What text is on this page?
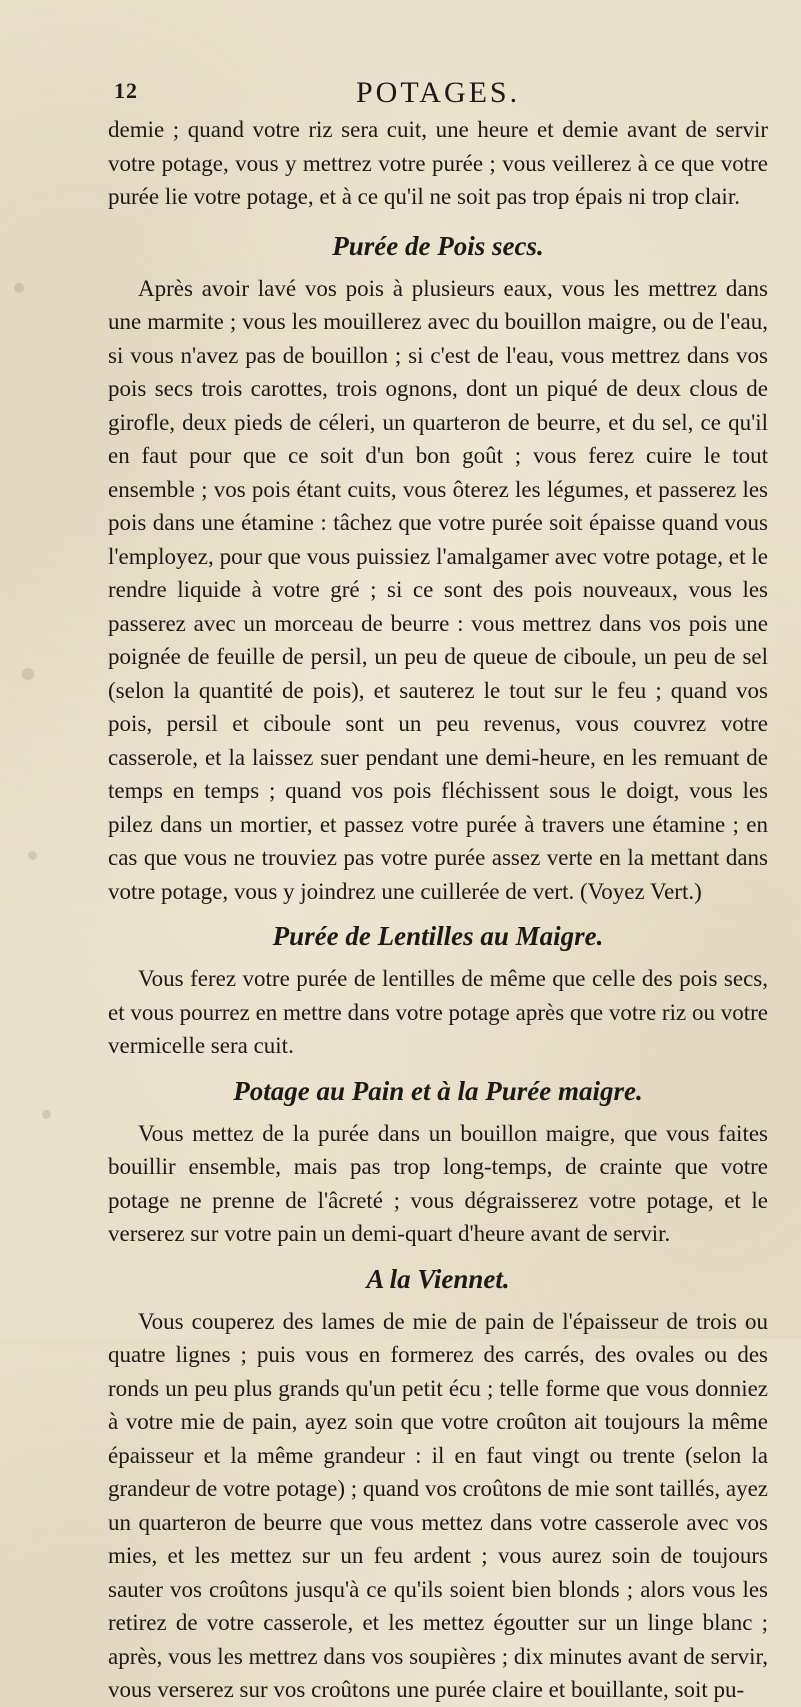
12	POTAGES.

demie ; quand votre riz sera cuit, une heure et demie avant de servir votre potage, vous y mettrez votre purée ; vous veillerez à ce que votre purée lie votre potage, et à ce qu'il ne soit pas trop épais ni trop clair.

Purée de Pois secs.

Après avoir lavé vos pois à plusieurs eaux, vous les mettrez dans une marmite ; vous les mouillerez avec du bouillon maigre, ou de l'eau, si vous n'avez pas de bouillon ; si c'est de l'eau, vous mettrez dans vos pois secs trois carottes, trois ognons, dont un piqué de deux clous de girofle, deux pieds de céleri, un quarteron de beurre, et du sel, ce qu'il en faut pour que ce soit d'un bon goût ; vous ferez cuire le tout ensemble ; vos pois étant cuits, vous ôterez les légumes, et passerez les pois dans une étamine : tâchez que votre purée soit épaisse quand vous l'employez, pour que vous puissiez l'amalgamer avec votre potage, et le rendre liquide à votre gré ; si ce sont des pois nouveaux, vous les passerez avec un morceau de beurre : vous mettrez dans vos pois une poignée de feuille de persil, un peu de queue de ciboule, un peu de sel (selon la quantité de pois), et sauterez le tout sur le feu ; quand vos pois, persil et ciboule sont un peu revenus, vous couvrez votre casserole, et la laissez suer pendant une demi-heure, en les remuant de temps en temps ; quand vos pois fléchissent sous le doigt, vous les pilez dans un mortier, et passez votre purée à travers une étamine ; en cas que vous ne trouviez pas votre purée assez verte en la mettant dans votre potage, vous y joindrez une cuillerée de vert. (Voyez Vert.)

Purée de Lentilles au Maigre.

Vous ferez votre purée de lentilles de même que celle des pois secs, et vous pourrez en mettre dans votre potage après que votre riz ou votre vermicelle sera cuit.

Potage au Pain et à la Purée maigre.

Vous mettez de la purée dans un bouillon maigre, que vous faites bouillir ensemble, mais pas trop long-temps, de crainte que votre potage ne prenne de l'âcreté ; vous dégraisserez votre potage, et le verserez sur votre pain un demi-quart d'heure avant de servir.

A la Viennet.

Vous couperez des lames de mie de pain de l'épaisseur de trois ou quatre lignes ; puis vous en formerez des carrés, des ovales ou des ronds un peu plus grands qu'un petit écu ; telle forme que vous donniez à votre mie de pain, ayez soin que votre croûton ait toujours la même épaisseur et la même grandeur : il en faut vingt ou trente (selon la grandeur de votre potage) ; quand vos croûtons de mie sont taillés, ayez un quarteron de beurre que vous mettez dans votre casserole avec vos mies, et les mettez sur un feu ardent ; vous aurez soin de toujours sauter vos croûtons jusqu'à ce qu'ils soient bien blonds ; alors vous les retirez de votre casserole, et les mettez égoutter sur un linge blanc ; après, vous les mettrez dans vos soupières ; dix minutes avant de servir, vous verserez sur vos croûtons une purée claire et bouillante, soit pu-
